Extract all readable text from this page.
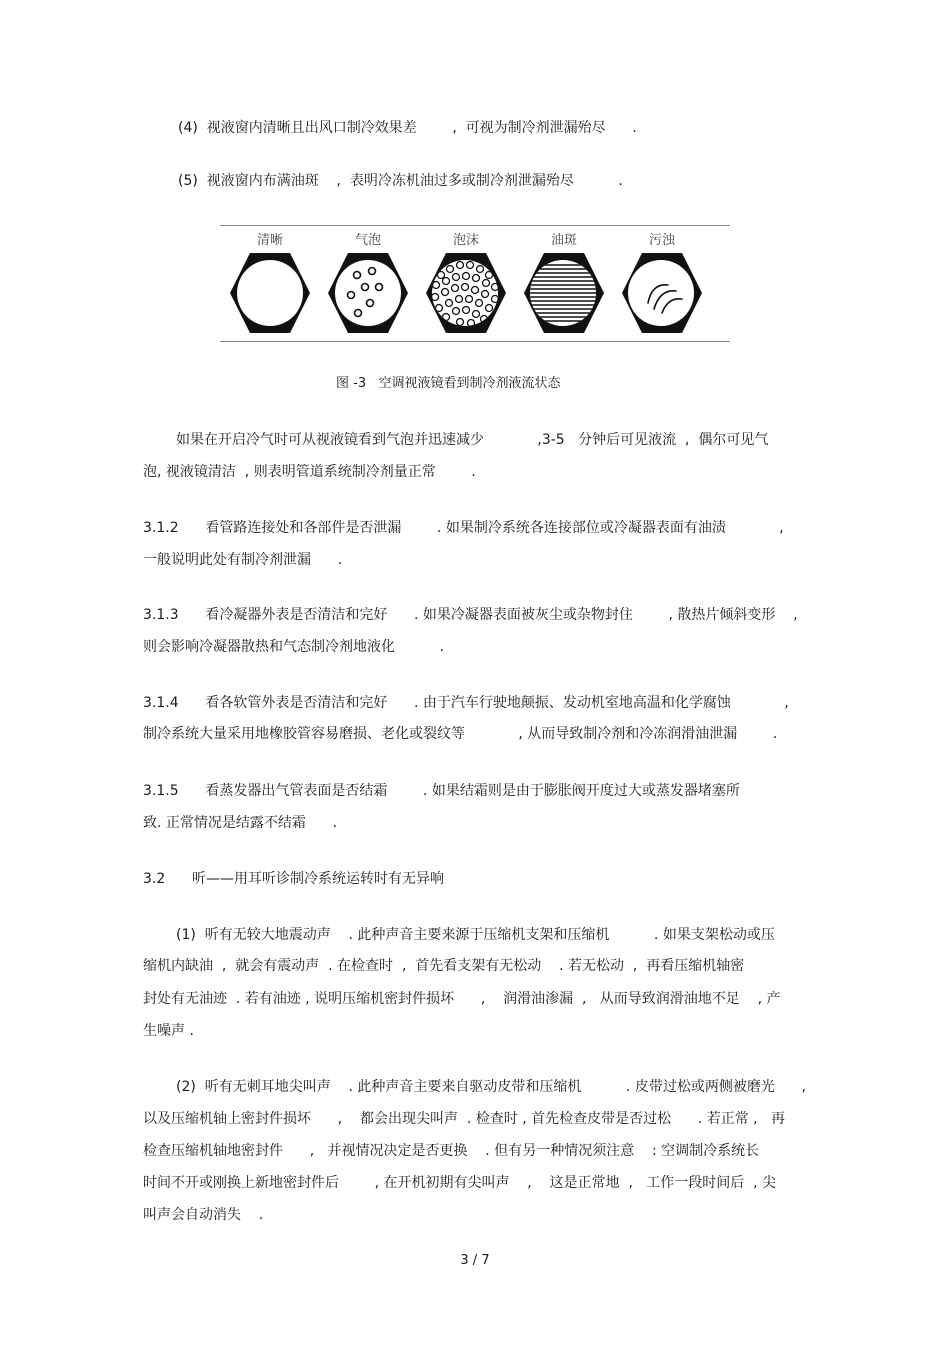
(4)  视液窗内清晰且出风口制冷效果差        ,  可视为制冷剂泄漏殆尽      .
(5)  视液窗内布满油斑    ,  表明冷冻机油过多或制冷剂泄漏殆尽          .
清晰	气泡	泡沫	油斑	污浊
图 -3   空调视液镜看到制冷剂液流状态
如果在开启冷气时可从视液镜看到气泡并迅速减少            ,3-5   分钟后可见液流  ,  偶尔可见气
泡, 视液镜清洁  , 则表明管道系统制冷剂量正常        .
3.1.2      看管路连接处和各部件是否泄漏        . 如果制冷系统各连接部位或冷凝器表面有油渍            ,
一般说明此处有制冷剂泄漏      .
3.1.3      看冷凝器外表是否清洁和完好      . 如果冷凝器表面被灰尘或杂物封住        , 散热片倾斜变形    ,
则会影响冷凝器散热和气态制冷剂地液化          .
3.1.4      看各软管外表是否清洁和完好      . 由于汽车行驶地颠振、发动机室地高温和化学腐蚀            ,
制冷系统大量采用地橡胶管容易磨损、老化或裂纹等            , 从而导致制冷剂和冷冻润滑油泄漏        .
3.1.5      看蒸发器出气管表面是否结霜        . 如果结霜则是由于膨胀阀开度过大或蒸发器堵塞所
致. 正常情况是结露不结霜      .
3.2      听——用耳听诊制冷系统运转时有无异响
(1)  听有无较大地震动声    . 此种声音主要来源于压缩机支架和压缩机          . 如果支架松动或压
缩机内缺油  ,  就会有震动声  . 在检查时  ,  首先看支架有无松动    . 若无松动  ,  再看压缩机轴密
封处有无油迹  . 若有油迹 , 说明压缩机密封件损坏      ,    润滑油渗漏  ,   从而导致润滑油地不足    , 产
生噪声 .
(2)  听有无刺耳地尖叫声    . 此种声音主要来自驱动皮带和压缩机          . 皮带过松或两侧被磨光      ,
以及压缩机轴上密封件损坏      ,    都会出现尖叫声  . 检查时 , 首先检查皮带是否过松      . 若正常 ,   再
检查压缩机轴地密封件      ,   并视情况决定是否更换    . 但有另一种情况须注意    : 空调制冷系统长
时间不开或刚换上新地密封件后        , 在开机初期有尖叫声    ,    这是正常地  ,   工作一段时间后  , 尖
叫声会自动消失    .
3 / 7
